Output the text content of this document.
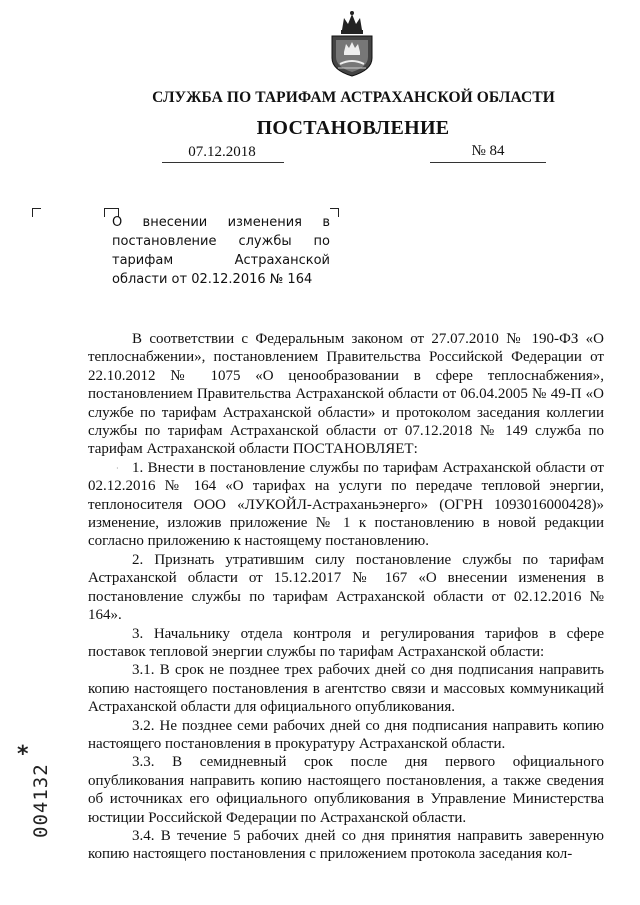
СЛУЖБА ПО ТАРИФАМ АСТРАХАНСКОЙ ОБЛАСТИ
ПОСТАНОВЛЕНИЕ
07.12.2018	№ 84
О внесении изменения в постановление службы по тарифам Астраханской области от 02.12.2016 № 164
·

В соответствии с Федеральным законом от 27.07.2010 № 190-ФЗ «О теплоснабжении», постановлением Правительства Российской Федерации от 22.10.2012 № 1075 «О ценообразовании в сфере теплоснабжения», постановлением Правительства Астраханской области от 06.04.2005 № 49-П «О службе по тарифам Астраханской области» и протоколом заседания коллегии службы по тарифам Астраханской области от 07.12.2018 № 149 служба по тарифам Астраханской области ПОСТАНОВЛЯЕТ:

1. Внести в постановление службы по тарифам Астраханской области от 02.12.2016 № 164 «О тарифах на услуги по передаче тепловой энергии, теплоносителя ООО «ЛУКОЙЛ-Астраханьэнерго» (ОГРН 1093016000428)» изменение, изложив приложение № 1 к постановлению в новой редакции согласно приложению к настоящему постановлению.

2. Признать утратившим силу постановление службы по тарифам Астраханской области от 15.12.2017 № 167 «О внесении изменения в постановление службы по тарифам Астраханской области от 02.12.2016 № 164».

3. Начальнику отдела контроля и регулирования тарифов в сфере поставок тепловой энергии службы по тарифам Астраханской области:

3.1. В срок не позднее трех рабочих дней со дня подписания направить копию настоящего постановления в агентство связи и массовых коммуникаций Астраханской области для официального опубликования.

3.2. Не позднее семи рабочих дней со дня подписания направить копию настоящего постановления в прокуратуру Астраханской области.

3.3. В семидневный срок после дня первого официального опубликования направить копию настоящего постановления, а также сведения об источниках его официального опубликования в Управление Министерства юстиции Российской Федерации по Астраханской области.

3.4. В течение 5 рабочих дней со дня принятия направить заверенную копию настоящего постановления с приложением протокола заседания кол-

*
004132
